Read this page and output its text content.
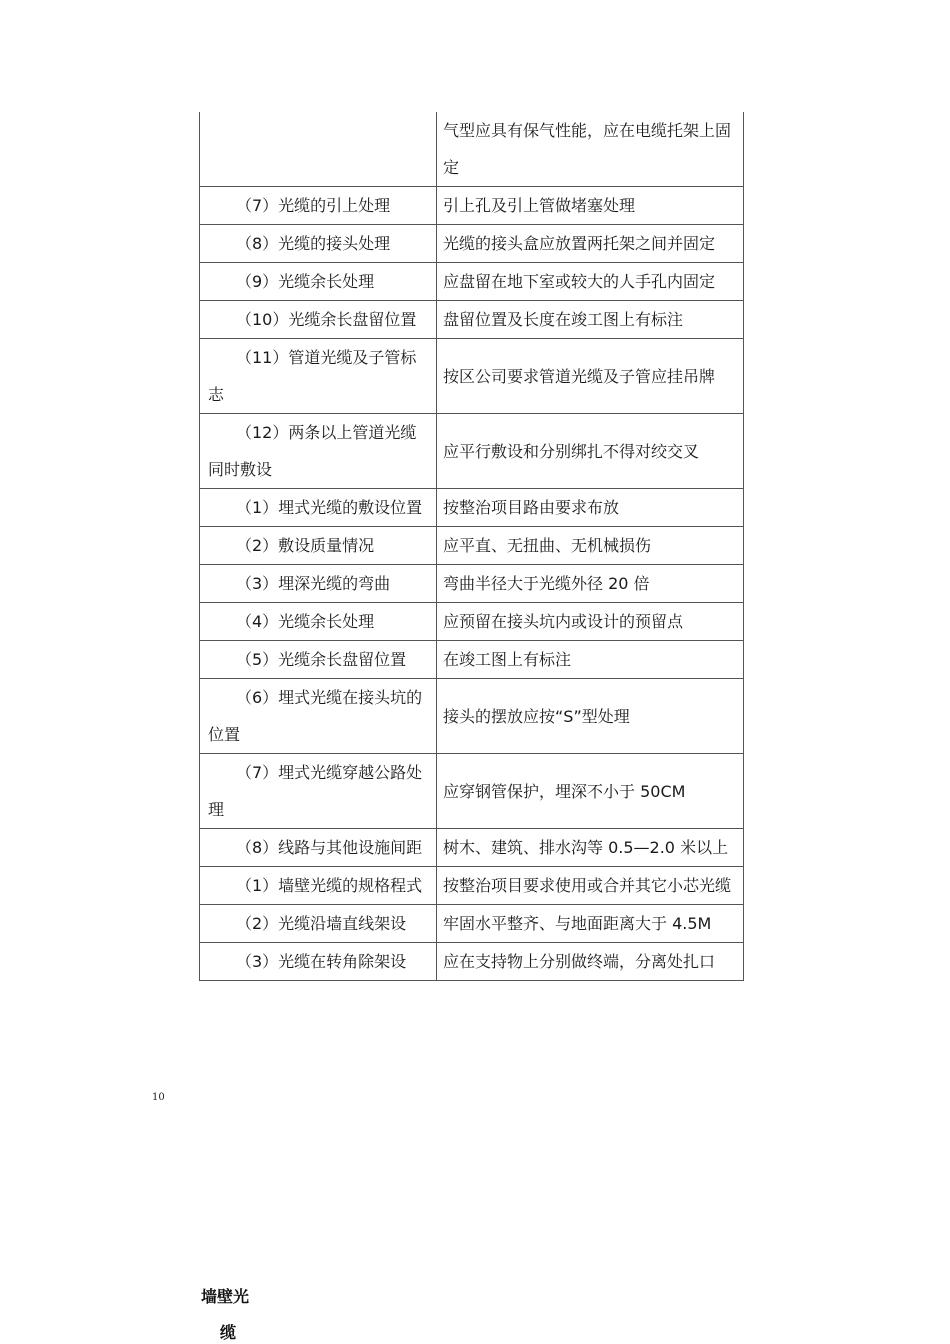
	气型应具有保气性能，应在电缆托架上固定
（7）光缆的引上处理	引上孔及引上管做堵塞处理
（8）光缆的接头处理	光缆的接头盒应放置两托架之间并固定
（9）光缆余长处理	应盘留在地下室或较大的人手孔内固定
（10）光缆余长盘留位置	盘留位置及长度在竣工图上有标注
（11）管道光缆及子管标志	按区公司要求管道光缆及子管应挂吊牌
（12）两条以上管道光缆同时敷设	应平行敷设和分别绑扎不得对绞交叉
（1）埋式光缆的敷设位置	按整治项目路由要求布放
（2）敷设质量情况	应平直、无扭曲、无机械损伤
（3）埋深光缆的弯曲	弯曲半径大于光缆外径 20 倍
（4）光缆余长处理	应预留在接头坑内或设计的预留点
（5）光缆余长盘留位置	在竣工图上有标注
（6）埋式光缆在接头坑的位置	接头的摆放应按“S”型处理
（7）埋式光缆穿越公路处理	应穿钢管保护，埋深不小于 50CM
（8）线路与其他设施间距	树木、建筑、排水沟等 0.5—2.0 米以上
（1）墙壁光缆的规格程式	按整治项目要求使用或合并其它小芯光缆
（2）光缆沿墙直线架设	牢固水平整齐、与地面距离大于 4.5M
（3）光缆在转角除架设	应在支持物上分别做终端，分离处扎口
10
墙壁光
缆
